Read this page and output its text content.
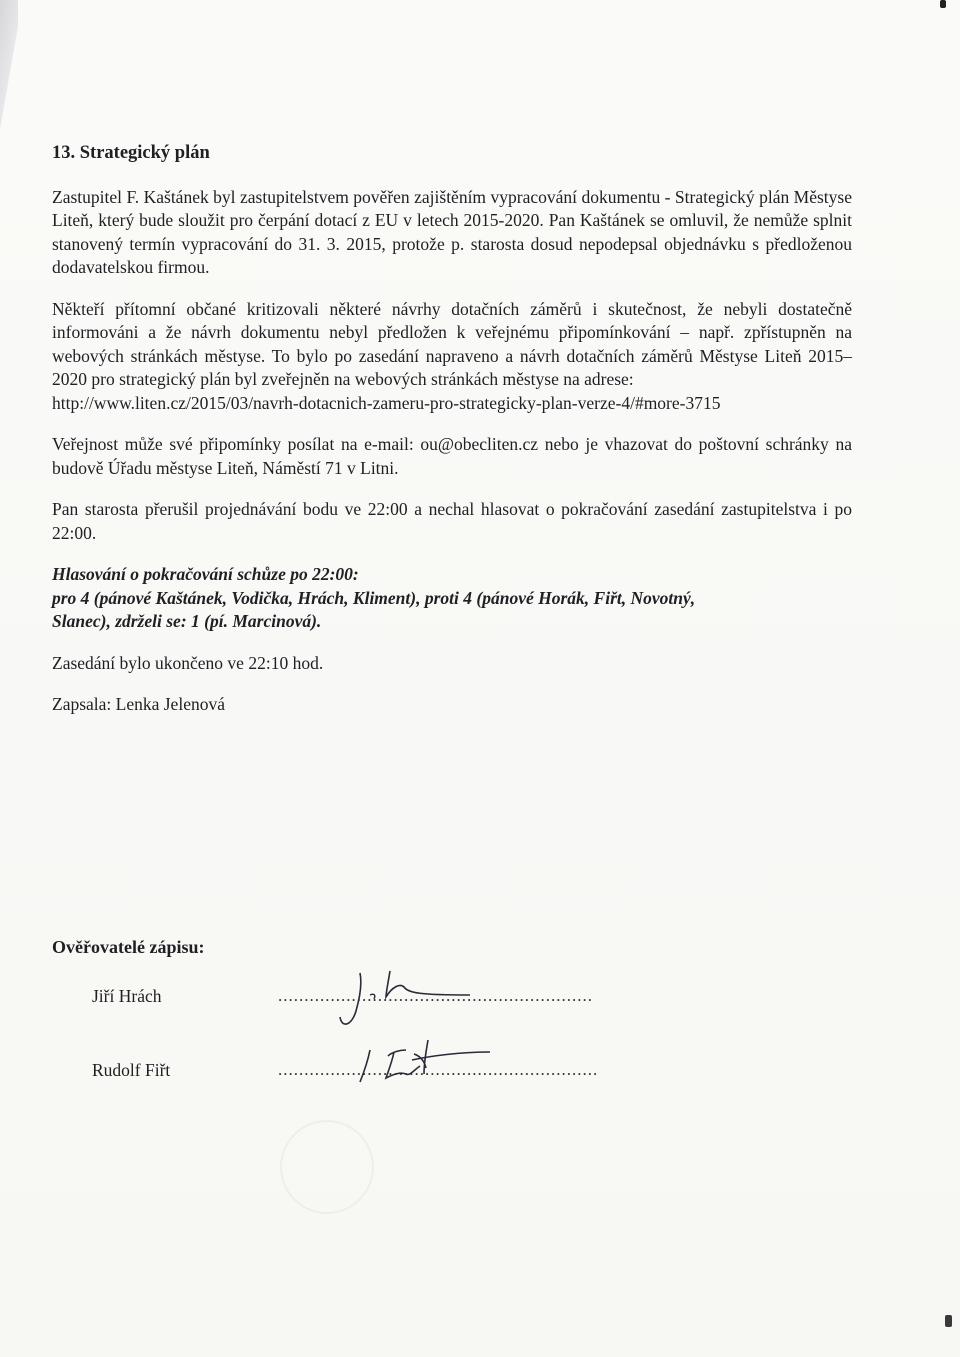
13. Strategický plán
Zastupitel F. Kaštánek byl zastupitelstvem pověřen zajištěním vypracování dokumentu - Strategický plán Městyse Liteň, který bude sloužit pro čerpání dotací z EU v letech 2015-2020. Pan Kaštánek se omluvil, že nemůže splnit stanovený termín vypracování do 31. 3. 2015, protože p. starosta dosud nepodepsal objednávku s předloženou dodavatelskou firmou.
Někteří přítomní občané kritizovali některé návrhy dotačních záměrů i skutečnost, že nebyli dostatečně informováni a že návrh dokumentu nebyl předložen k veřejnému připomínkování – např. zpřístupněn na webových stránkách městyse. To bylo po zasedání napraveno a návrh dotačních záměrů Městyse Liteň 2015–2020 pro strategický plán byl zveřejněn na webových stránkách městyse na adrese:
http://www.liten.cz/2015/03/navrh-dotacnich-zameru-pro-strategicky-plan-verze-4/#more-3715
Veřejnost může své připomínky posílat na e-mail: ou@obecliten.cz nebo je vhazovat do poštovní schránky na budově Úřadu městyse Liteň, Náměstí 71 v Litni.
Pan starosta přerušil projednávání bodu ve 22:00 a nechal hlasovat o pokračování zasedání zastupitelstva i po 22:00.
Hlasování o pokračování schůze po 22:00:
pro 4 (pánové Kaštánek, Vodička, Hrách, Kliment), proti 4 (pánové Horák, Fiřt, Novotný,
Slanec), zdrželi se: 1 (pí. Marcinová).
Zasedání bylo ukončeno ve 22:10 hod.
Zapsala: Lenka Jelenová
Ověřovatelé zápisu:
Jiří Hrách	............................................................
Rudolf Fiřt	.............................................................
